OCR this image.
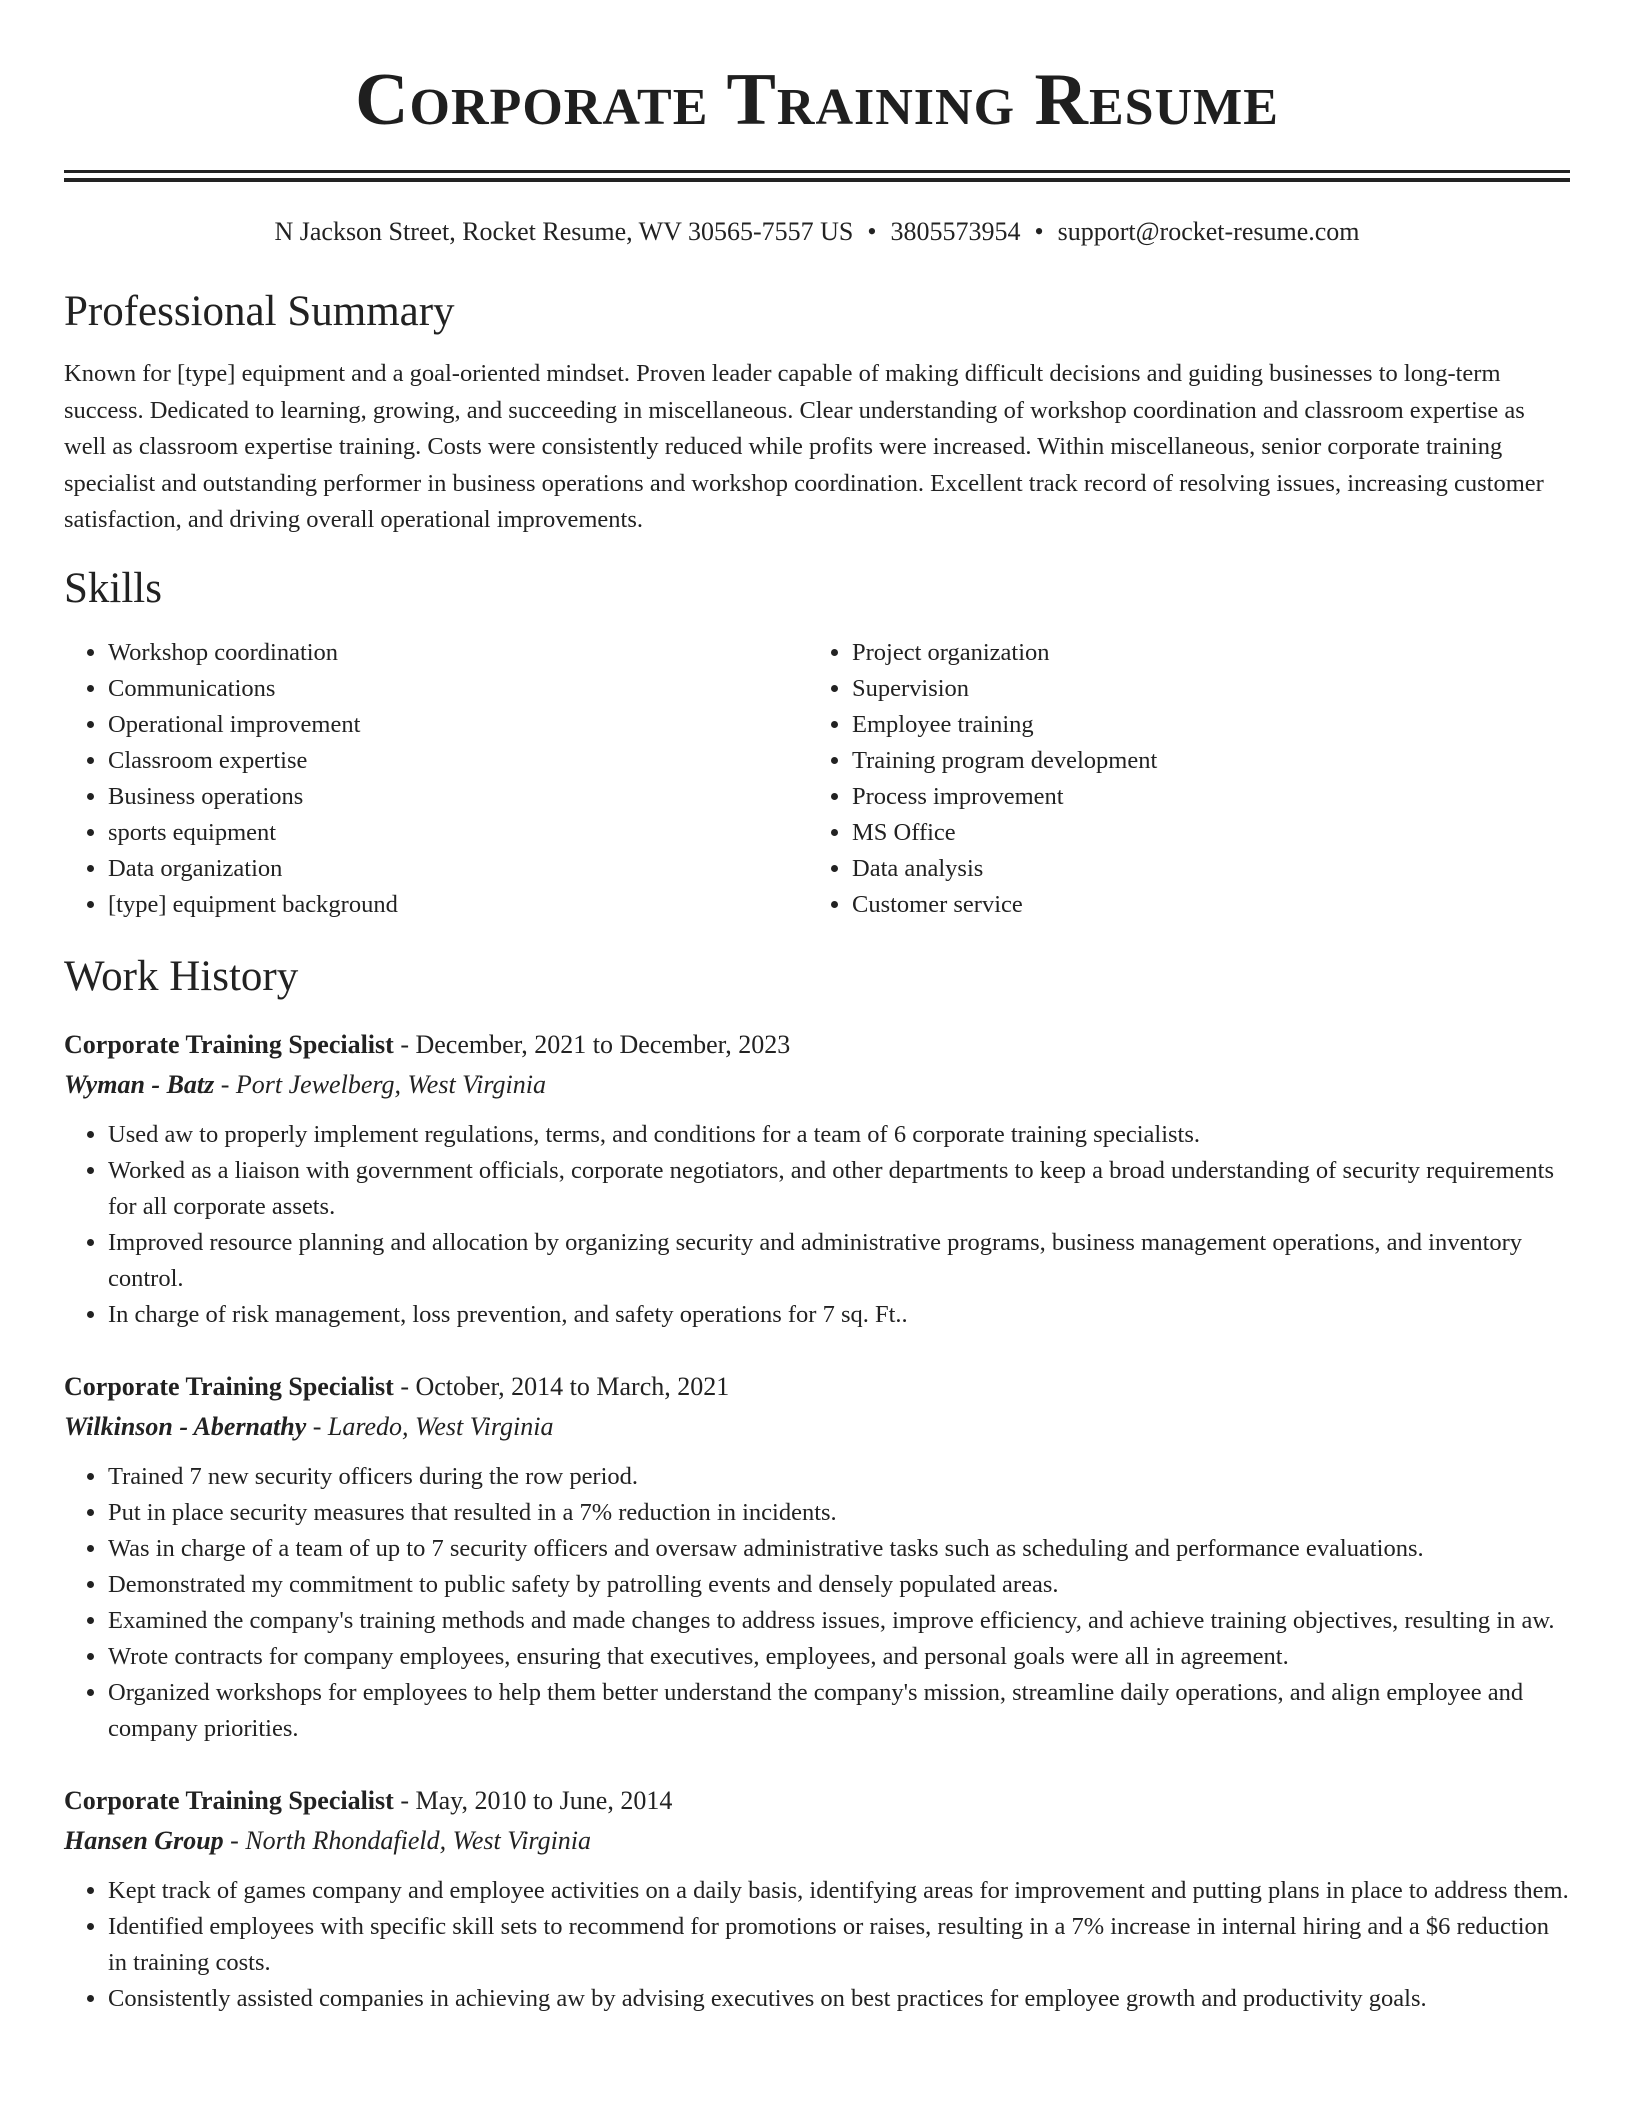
Corporate Training Resume
N Jackson Street, Rocket Resume, WV 30565-7557 US • 3805573954 • support@rocket-resume.com
Professional Summary
Known for [type] equipment and a goal-oriented mindset. Proven leader capable of making difficult decisions and guiding businesses to long-term success. Dedicated to learning, growing, and succeeding in miscellaneous. Clear understanding of workshop coordination and classroom expertise as well as classroom expertise training. Costs were consistently reduced while profits were increased. Within miscellaneous, senior corporate training specialist and outstanding performer in business operations and workshop coordination. Excellent track record of resolving issues, increasing customer satisfaction, and driving overall operational improvements.
Skills
• Workshop coordination
• Communications
• Operational improvement
• Classroom expertise
• Business operations
• sports equipment
• Data organization
• [type] equipment background
• Project organization
• Supervision
• Employee training
• Training program development
• Process improvement
• MS Office
• Data analysis
• Customer service
Work History
Corporate Training Specialist - December, 2021 to December, 2023
Wyman - Batz - Port Jewelberg, West Virginia
• Used aw to properly implement regulations, terms, and conditions for a team of 6 corporate training specialists.
• Worked as a liaison with government officials, corporate negotiators, and other departments to keep a broad understanding of security requirements for all corporate assets.
• Improved resource planning and allocation by organizing security and administrative programs, business management operations, and inventory control.
• In charge of risk management, loss prevention, and safety operations for 7 sq. Ft..
Corporate Training Specialist - October, 2014 to March, 2021
Wilkinson - Abernathy - Laredo, West Virginia
• Trained 7 new security officers during the row period.
• Put in place security measures that resulted in a 7% reduction in incidents.
• Was in charge of a team of up to 7 security officers and oversaw administrative tasks such as scheduling and performance evaluations.
• Demonstrated my commitment to public safety by patrolling events and densely populated areas.
• Examined the company's training methods and made changes to address issues, improve efficiency, and achieve training objectives, resulting in aw.
• Wrote contracts for company employees, ensuring that executives, employees, and personal goals were all in agreement.
• Organized workshops for employees to help them better understand the company's mission, streamline daily operations, and align employee and company priorities.
Corporate Training Specialist - May, 2010 to June, 2014
Hansen Group - North Rhondafield, West Virginia
• Kept track of games company and employee activities on a daily basis, identifying areas for improvement and putting plans in place to address them.
• Identified employees with specific skill sets to recommend for promotions or raises, resulting in a 7% increase in internal hiring and a $6 reduction in training costs.
• Consistently assisted companies in achieving aw by advising executives on best practices for employee growth and productivity goals.
